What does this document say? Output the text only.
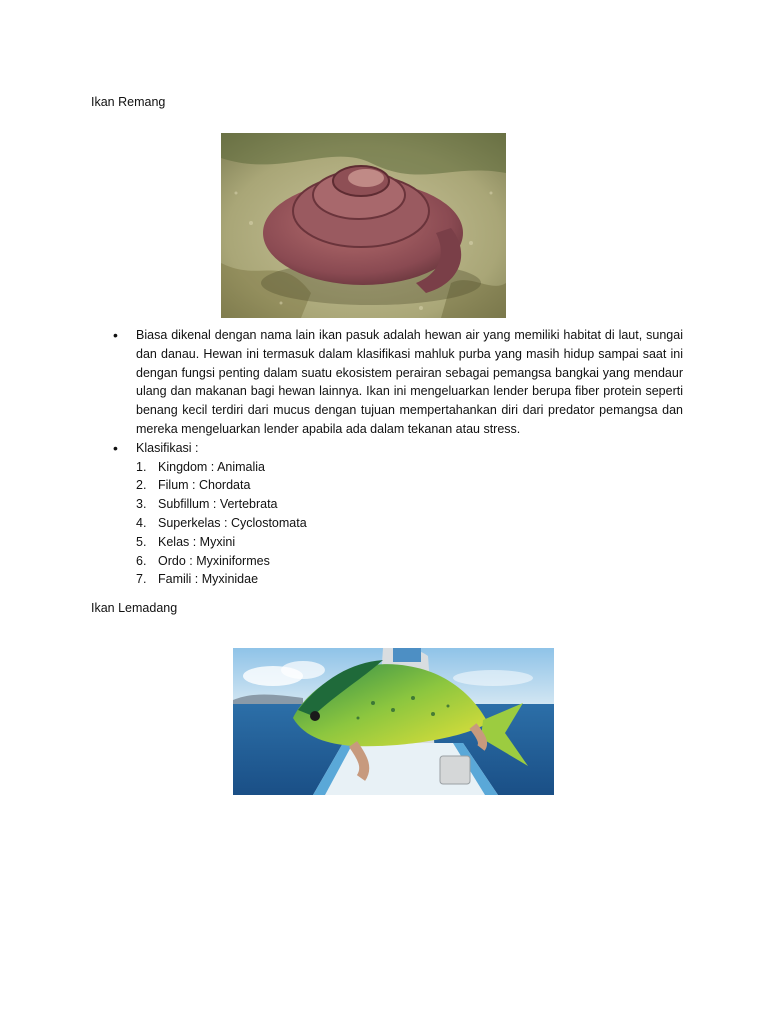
Ikan Remang

• Biasa dikenal dengan nama lain ikan pasuk adalah hewan air yang memiliki habitat di laut, sungai dan danau. Hewan ini termasuk dalam klasifikasi mahluk purba yang masih hidup sampai saat ini dengan fungsi penting dalam suatu ekosistem perairan sebagai pemangsa bangkai yang mendaur ulang dan makanan bagi hewan lainnya. Ikan ini mengeluarkan lender berupa fiber protein seperti benang kecil terdiri dari mucus dengan tujuan mempertahankan diri dari predator pemangsa dan mereka mengeluarkan lender apabila ada dalam tekanan atau stress.
• Klasifikasi :
1. Kingdom : Animalia
2. Filum : Chordata
3. Subfillum : Vertebrata
4. Superkelas : Cyclostomata
5. Kelas : Myxini
6. Ordo : Myxiniformes
7. Famili : Myxinidae

Ikan Lemadang
